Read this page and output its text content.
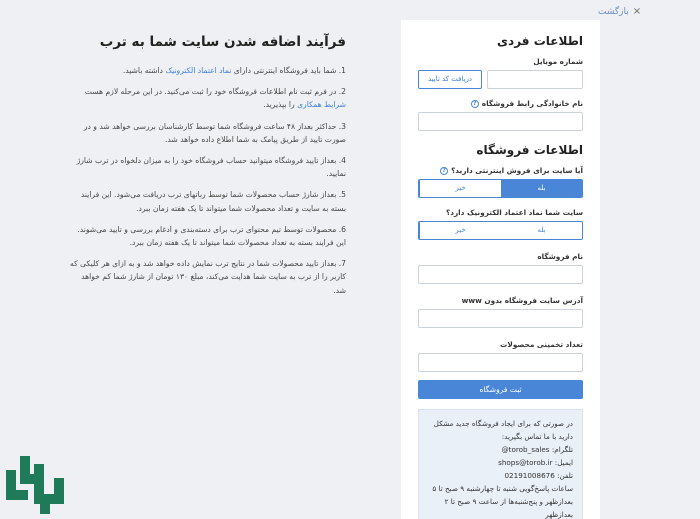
×
بازگشت
فرآیند اضافه شدن سایت شما به ترب
1. شما باید فروشگاه اینترنتی دارای نماد اعتماد الکترونیک داشته باشید.
2. در فرم ثبت نام اطلاعات فروشگاه خود را ثبت می‌کنید. در این مرحله لازم هست شرایط همکاری را بپذیرید.
3. حداکثر بعداز ۴۸ ساعت فروشگاه شما توسط کارشناسان بررسی خواهد شد و در صورت تایید از طریق پیامک به شما اطلاع داده خواهد شد.
4. بعداز تایید فروشگاه میتوانید حساب فروشگاه خود را به میزان دلخواه در ترب شارژ نمایید.
5. بعداز شارژ حساب محصولات شما توسط رباتهای ترب دریافت می‌شود. این فرایند بسته به سایت و تعداد محصولات شما میتواند تا یک هفته زمان ببرد.
6. محصولات توسط تیم محتوای ترب برای دسته‌بندی و ادغام بررسی و تایید می‌شوند. این فرایند بسته به تعداد محصولات شما میتواند تا یک هفته زمان ببرد.
7. بعداز تایید محصولات شما در نتایج ترب نمایش داده خواهد شد و به ازای هر کلیکی که کاربر را از ترب به سایت شما هدایت می‌کند، مبلغ ۱۳۰ تومان از شارژ شما کم خواهد شد.
اطلاعات فردی
شماره موبایل
دریافت کد تایید
نام خانوادگی رابط فروشگاه
?
اطلاعات فروشگاه
آیا سایت برای فروش اینترنتی دارید؟
?
بله
خیر
سایت شما نماد اعتماد الکترونیک دارد؟
بله
خیر
نام فروشگاه
آدرس سایت فروشگاه بدون www
تعداد تخمینی محصولات
ثبت فروشگاه
در صورتی که برای ایجاد فروشگاه جدید مشکل دارید با ما تماس بگیرید:
تلگرام: torob_sales@
ایمیل: shops@torob.ir
تلفن: 02191008676
ساعات پاسخ‌گویی شنبه تا چهارشنبه ۹ صبح تا ۵ بعدازظهر و پنج‌شنبه‌ها از ساعت ۹ صبح تا ۲ بعدازظهر
